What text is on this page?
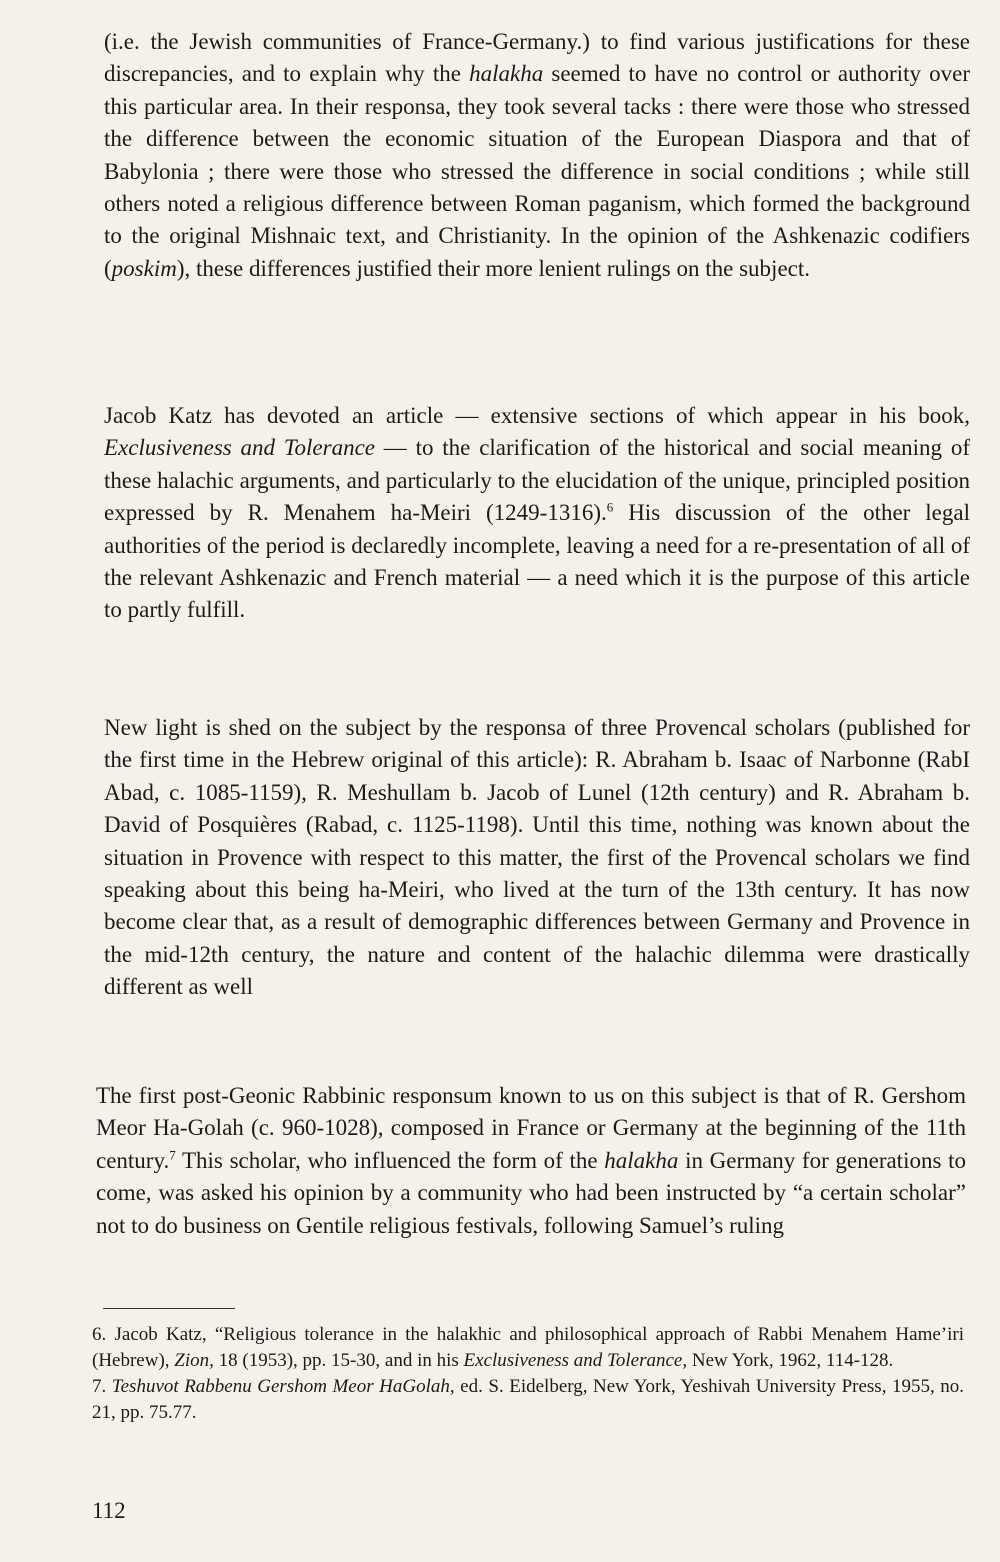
(i.e. the Jewish communities of France-Germany.) to find various justifications for these discrepancies, and to explain why the halakha seemed to have no control or authority over this particular area. In their responsa, they took several tacks : there were those who stressed the difference between the economic situation of the European Diaspora and that of Babylonia ; there were those who stressed the difference in social conditions ; while still others noted a religious difference between Roman paganism, which formed the background to the original Mishnaic text, and Christianity. In the opinion of the Ashkenazic codifiers (poskim), these differences justified their more lenient rulings on the subject.

Jacob Katz has devoted an article — extensive sections of which appear in his book, Exclusiveness and Tolerance — to the clarification of the historical and social meaning of these halachic arguments, and particularly to the elucidation of the unique, principled position expressed by R. Menahem ha-Meiri (1249-1316).$^6$ His discussion of the other legal authorities of the period is declaredly incomplete, leaving a need for a re-presentation of all of the relevant Ashkenazic and French material — a need which it is the purpose of this article to partly fulfill.

New light is shed on the subject by the responsa of three Provencal scholars (published for the first time in the Hebrew original of this article): R. Abraham b. Isaac of Narbonne (RabI Abad, c. 1085-1159), R. Meshullam b. Jacob of Lunel (12th century) and R. Abraham b. David of Posquières (Rabad, c. 1125-1198). Until this time, nothing was known about the situation in Provence with respect to this matter, the first of the Provencal scholars we find speaking about this being ha-Meiri, who lived at the turn of the 13th century. It has now become clear that, as a result of demographic differences between Germany and Provence in the mid-12th century, the nature and content of the halachic dilemma were drastically different as well

The first post-Geonic Rabbinic responsum known to us on this subject is that of R. Gershom Meor Ha-Golah (c. 960-1028), composed in France or Germany at the beginning of the 11th century.$^7$ This scholar, who influenced the form of the halakha in Germany for generations to come, was asked his opinion by a community who had been instructed by “a certain scholar” not to do business on Gentile religious festivals, following Samuel’s ruling

6. Jacob Katz, “Religious tolerance in the halakhic and philosophical approach of Rabbi Menahem Hame’iri (Hebrew), Zion, 18 (1953), pp. 15-30, and in his Exclusiveness and Tolerance, New York, 1962, 114-128.

7. Teshuvot Rabbenu Gershom Meor HaGolah, ed. S. Eidelberg, New York, Yeshivah University Press, 1955, no. 21, pp. 75.77.

112
